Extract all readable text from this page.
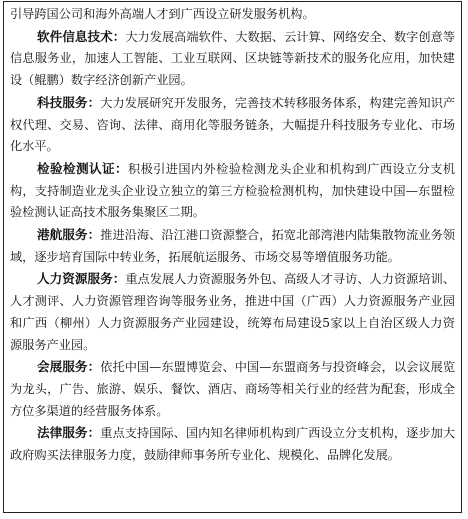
引导跨国公司和海外高端人才到广西设立研发服务机构。

软件信息技术：大力发展高端软件、大数据、云计算、网络安全、数字创意等信息服务业，加速人工智能、工业互联网、区块链等新技术的服务化应用，加快建设（鲲鹏）数字经济创新产业园。

科技服务：大力发展研究开发服务，完善技术转移服务体系，构建完善知识产权代理、交易、咨询、法律、商用化等服务链条，大幅提升科技服务专业化、市场化水平。

检验检测认证：积极引进国内外检验检测龙头企业和机构到广西设立分支机构，支持制造业龙头企业设立独立的第三方检验检测机构，加快建设中国—东盟检验检测认证高技术服务集聚区二期。

港航服务：推进沿海、沿江港口资源整合，拓宽北部湾港内陆集散物流业务领域，逐步培育国际中转业务，拓展航运服务、市场交易等增值服务功能。

人力资源服务：重点发展人力资源服务外包、高级人才寻访、人力资源培训、人才测评、人力资源管理咨询等服务业务，推进中国（广西）人力资源服务产业园和广西（柳州）人力资源服务产业园建设，统筹布局建设5家以上自治区级人力资源服务产业园。

会展服务：依托中国—东盟博览会、中国—东盟商务与投资峰会，以会议展览为龙头，广告、旅游、娱乐、餐饮、酒店、商场等相关行业的经营为配套，形成全方位多渠道的经营服务体系。

法律服务：重点支持国际、国内知名律师机构到广西设立分支机构，逐步加大政府购买法律服务力度，鼓励律师事务所专业化、规模化、品牌化发展。
